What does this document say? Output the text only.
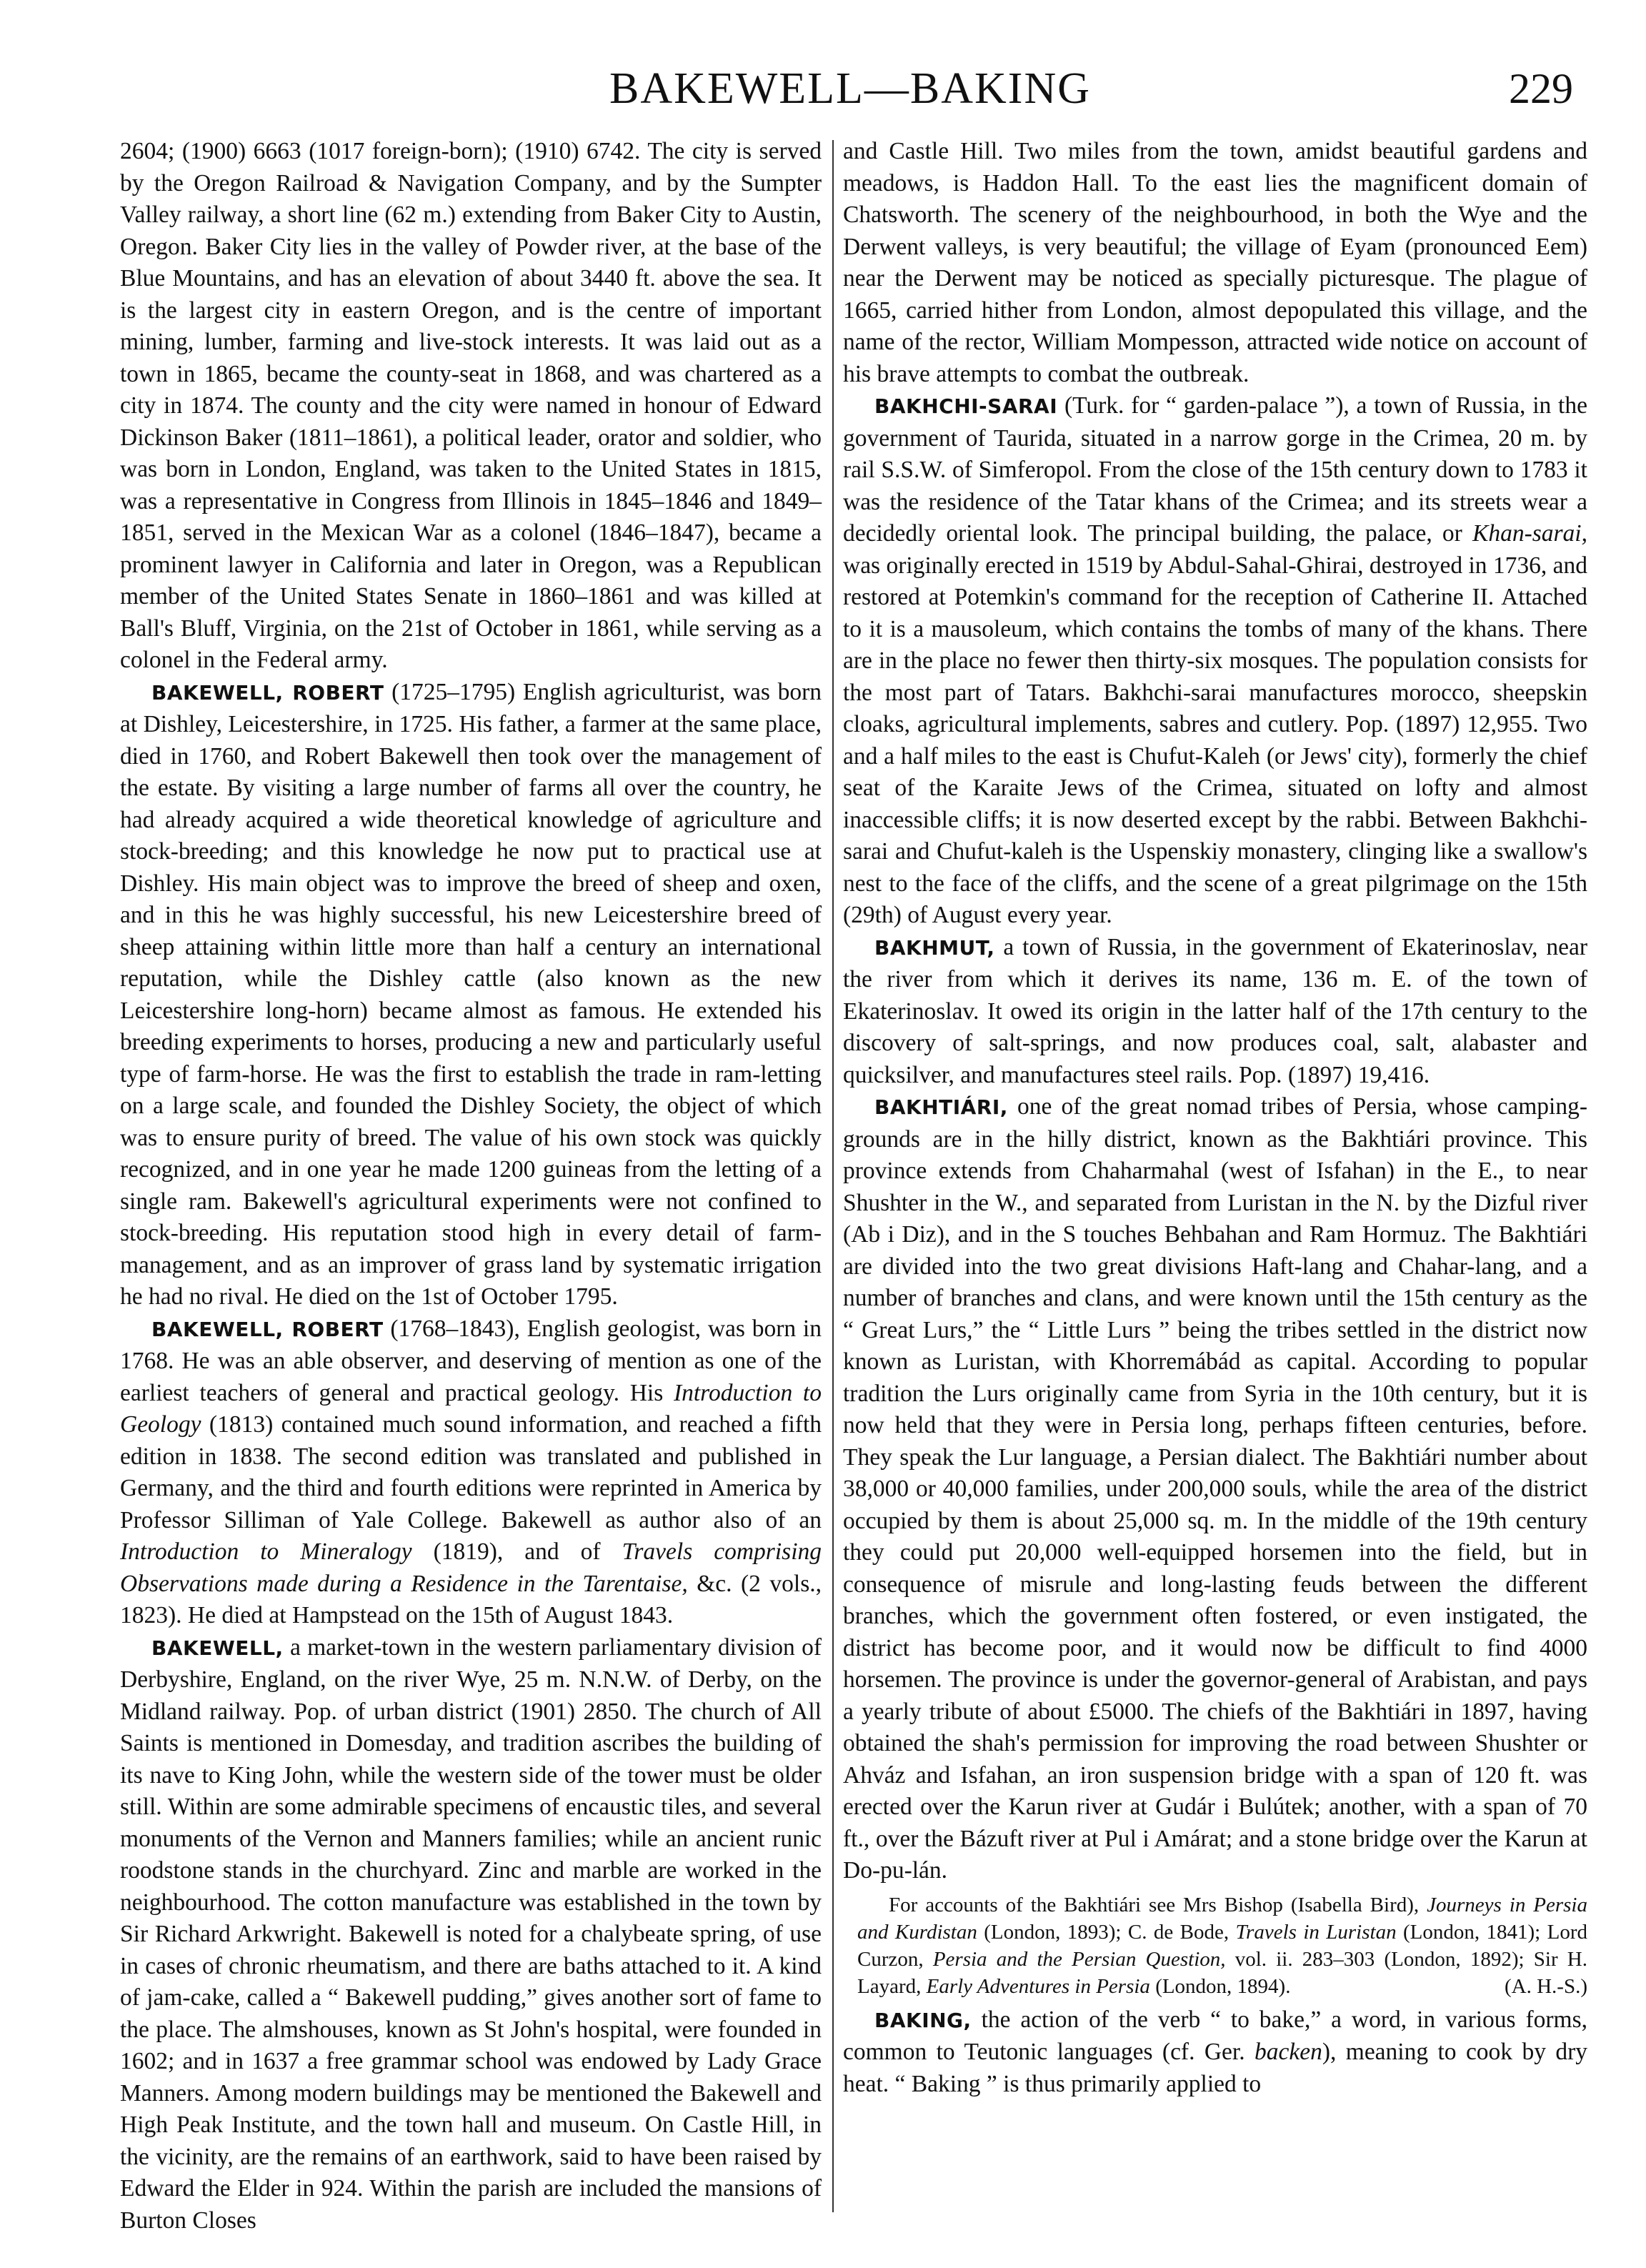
BAKEWELL—BAKING	229

2604; (1900) 6663 (1017 foreign-born); (1910) 6742. The city is served by the Oregon Railroad & Navigation Company, and by the Sumpter Valley railway, a short line (62 m.) extending from Baker City to Austin, Oregon. Baker City lies in the valley of Powder river, at the base of the Blue Mountains, and has an elevation of about 3440 ft. above the sea. It is the largest city in eastern Oregon, and is the centre of important mining, lumber, farming and live-stock interests. It was laid out as a town in 1865, became the county-seat in 1868, and was chartered as a city in 1874. The county and the city were named in honour of Edward Dickinson Baker (1811–1861), a political leader, orator and soldier, who was born in London, England, was taken to the United States in 1815, was a representative in Congress from Illinois in 1845–1846 and 1849–1851, served in the Mexican War as a colonel (1846–1847), became a prominent lawyer in California and later in Oregon, was a Republican member of the United States Senate in 1860–1861 and was killed at Ball's Bluff, Virginia, on the 21st of October in 1861, while serving as a colonel in the Federal army.

BAKEWELL, ROBERT (1725–1795) English agriculturist, was born at Dishley, Leicestershire, in 1725. His father, a farmer at the same place, died in 1760, and Robert Bakewell then took over the management of the estate. By visiting a large number of farms all over the country, he had already acquired a wide theoretical knowledge of agriculture and stock-breeding; and this knowledge he now put to practical use at Dishley. His main object was to improve the breed of sheep and oxen, and in this he was highly successful, his new Leicestershire breed of sheep attaining within little more than half a century an international reputation, while the Dishley cattle (also known as the new Leicestershire long-horn) became almost as famous. He extended his breeding experiments to horses, producing a new and particularly useful type of farm-horse. He was the first to establish the trade in ram-letting on a large scale, and founded the Dishley Society, the object of which was to ensure purity of breed. The value of his own stock was quickly recognized, and in one year he made 1200 guineas from the letting of a single ram. Bakewell's agricultural experiments were not confined to stock-breeding. His reputation stood high in every detail of farm-management, and as an improver of grass land by systematic irrigation he had no rival. He died on the 1st of October 1795.

BAKEWELL, ROBERT (1768–1843), English geologist, was born in 1768. He was an able observer, and deserving of mention as one of the earliest teachers of general and practical geology. His Introduction to Geology (1813) contained much sound information, and reached a fifth edition in 1838. The second edition was translated and published in Germany, and the third and fourth editions were reprinted in America by Professor Silliman of Yale College. Bakewell as author also of an Introduction to Mineralogy (1819), and of Travels comprising Observations made during a Residence in the Tarentaise, &c. (2 vols., 1823). He died at Hampstead on the 15th of August 1843.

BAKEWELL, a market-town in the western parliamentary division of Derbyshire, England, on the river Wye, 25 m. N.N.W. of Derby, on the Midland railway. Pop. of urban district (1901) 2850. The church of All Saints is mentioned in Domesday, and tradition ascribes the building of its nave to King John, while the western side of the tower must be older still. Within are some admirable specimens of encaustic tiles, and several monuments of the Vernon and Manners families; while an ancient runic roodstone stands in the churchyard. Zinc and marble are worked in the neighbourhood. The cotton manufacture was established in the town by Sir Richard Arkwright. Bakewell is noted for a chalybeate spring, of use in cases of chronic rheumatism, and there are baths attached to it. A kind of jam-cake, called a “ Bakewell pudding,” gives another sort of fame to the place. The almshouses, known as St John's hospital, were founded in 1602; and in 1637 a free grammar school was endowed by Lady Grace Manners. Among modern buildings may be mentioned the Bakewell and High Peak Institute, and the town hall and museum. On Castle Hill, in the vicinity, are the remains of an earthwork, said to have been raised by Edward the Elder in 924. Within the parish are included the mansions of Burton Closes

and Castle Hill. Two miles from the town, amidst beautiful gardens and meadows, is Haddon Hall. To the east lies the magnificent domain of Chatsworth. The scenery of the neighbourhood, in both the Wye and the Derwent valleys, is very beautiful; the village of Eyam (pronounced Eem) near the Derwent may be noticed as specially picturesque. The plague of 1665, carried hither from London, almost depopulated this village, and the name of the rector, William Mompesson, attracted wide notice on account of his brave attempts to combat the outbreak.

BAKHCHI-SARAI (Turk. for “ garden-palace ”), a town of Russia, in the government of Taurida, situated in a narrow gorge in the Crimea, 20 m. by rail S.S.W. of Simferopol. From the close of the 15th century down to 1783 it was the residence of the Tatar khans of the Crimea; and its streets wear a decidedly oriental look. The principal building, the palace, or Khan-sarai, was originally erected in 1519 by Abdul-Sahal-Ghirai, destroyed in 1736, and restored at Potemkin's command for the reception of Catherine II. Attached to it is a mausoleum, which contains the tombs of many of the khans. There are in the place no fewer then thirty-six mosques. The population consists for the most part of Tatars. Bakhchi-sarai manufactures morocco, sheepskin cloaks, agricultural implements, sabres and cutlery. Pop. (1897) 12,955. Two and a half miles to the east is Chufut-Kaleh (or Jews' city), formerly the chief seat of the Karaite Jews of the Crimea, situated on lofty and almost inaccessible cliffs; it is now deserted except by the rabbi. Between Bakhchi-sarai and Chufut-kaleh is the Uspenskiy monastery, clinging like a swallow's nest to the face of the cliffs, and the scene of a great pilgrimage on the 15th (29th) of August every year.

BAKHMUT, a town of Russia, in the government of Ekaterinoslav, near the river from which it derives its name, 136 m. E. of the town of Ekaterinoslav. It owed its origin in the latter half of the 17th century to the discovery of salt-springs, and now produces coal, salt, alabaster and quicksilver, and manufactures steel rails. Pop. (1897) 19,416.

BAKHTIÁRI, one of the great nomad tribes of Persia, whose camping-grounds are in the hilly district, known as the Bakhtiári province. This province extends from Chaharmahal (west of Isfahan) in the E., to near Shushter in the W., and separated from Luristan in the N. by the Dizful river (Ab i Diz), and in the S touches Behbahan and Ram Hormuz. The Bakhtiári are divided into the two great divisions Haft-lang and Chahar-lang, and a number of branches and clans, and were known until the 15th century as the “ Great Lurs,” the “ Little Lurs ” being the tribes settled in the district now known as Luristan, with Khorremábád as capital. According to popular tradition the Lurs originally came from Syria in the 10th century, but it is now held that they were in Persia long, perhaps fifteen centuries, before. They speak the Lur language, a Persian dialect. The Bakhtiári number about 38,000 or 40,000 families, under 200,000 souls, while the area of the district occupied by them is about 25,000 sq. m. In the middle of the 19th century they could put 20,000 well-equipped horsemen into the field, but in consequence of misrule and long-lasting feuds between the different branches, which the government often fostered, or even instigated, the district has become poor, and it would now be difficult to find 4000 horsemen. The province is under the governor-general of Arabistan, and pays a yearly tribute of about £5000. The chiefs of the Bakhtiári in 1897, having obtained the shah's permission for improving the road between Shushter or Ahváz and Isfahan, an iron suspension bridge with a span of 120 ft. was erected over the Karun river at Gudár i Bulútek; another, with a span of 70 ft., over the Bázuft river at Pul i Amárat; and a stone bridge over the Karun at Do-pu-lán.

For accounts of the Bakhtiári see Mrs Bishop (Isabella Bird), Journeys in Persia and Kurdistan (London, 1893); C. de Bode, Travels in Luristan (London, 1841); Lord Curzon, Persia and the Persian Question, vol. ii. 283–303 (London, 1892); Sir H. Layard, Early Adventures in Persia (London, 1894).	(A. H.-S.)

BAKING, the action of the verb “ to bake,” a word, in various forms, common to Teutonic languages (cf. Ger. backen), meaning to cook by dry heat. “ Baking ” is thus primarily applied to
